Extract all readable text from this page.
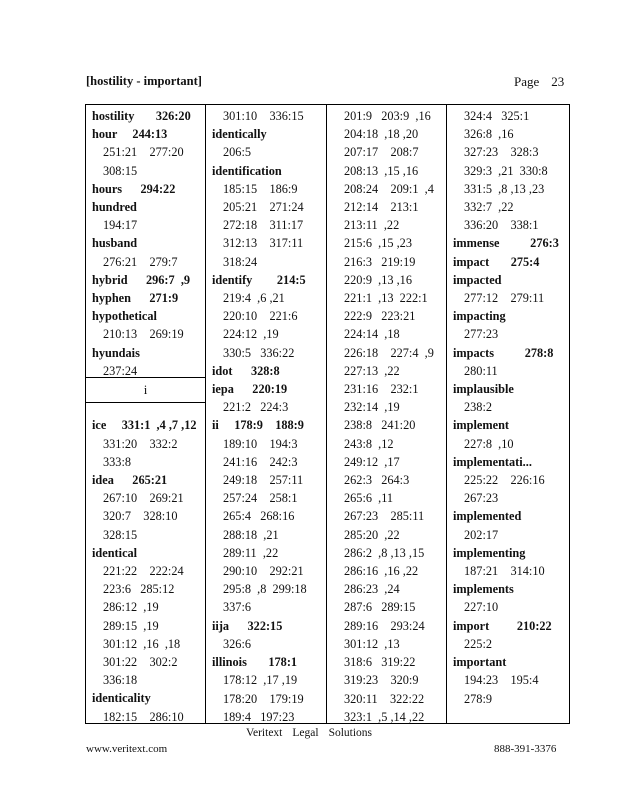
[hostility - important]	Page 23
i
hostility       326:20
hour     244:13
251:21    277:20
308:15
hours      294:22
hundred
194:17
husband
276:21    279:7
hybrid      296:7  ,9
hyphen      271:9
hypothetical
210:13    269:19
hyundais
237:24
ice     331:1  ,4 ,7 ,12
331:20    332:2
333:8
idea      265:21
267:10    269:21
320:7    328:10
328:15
identical
221:22    222:24
223:6   285:12
286:12  ,19
289:15  ,19
301:12  ,16  ,18
301:22    302:2
336:18
identicality
182:15    286:10
301:10    336:15
identically
206:5
identification
185:15    186:9
205:21    271:24
272:18    311:17
312:13    317:11
318:24
identify        214:5
219:4  ,6 ,21
220:10    221:6
224:12  ,19
330:5   336:22
idot      328:8
iepa      220:19
221:2   224:3
ii     178:9    188:9
189:10    194:3
241:16    242:3
249:18    257:11
257:24    258:1
265:4   268:16
288:18  ,21
289:11  ,22
290:10    292:21
295:8  ,8  299:18
337:6
iija      322:15
326:6
illinois       178:1
178:12  ,17 ,19
178:20    179:19
189:4   197:23
201:9   203:9  ,16
204:18  ,18 ,20
207:17    208:7
208:13  ,15 ,16
208:24    209:1  ,4
212:14    213:1
213:11  ,22
215:6  ,15 ,23
216:3   219:19
220:9  ,13 ,16
221:1  ,13  222:1
222:9   223:21
224:14  ,18
226:18    227:4  ,9
227:13  ,22
231:16    232:1
232:14  ,19
238:8   241:20
243:8  ,12
249:12  ,17
262:3   264:3
265:6  ,11
267:23    285:11
285:20  ,22
286:2  ,8 ,13 ,15
286:16  ,16 ,22
286:23  ,24
287:6   289:15
289:16    293:24
301:12  ,13
318:6   319:22
319:23    320:9
320:11    322:22
323:1  ,5 ,14 ,22
324:4   325:1
326:8  ,16
327:23    328:3
329:3  ,21  330:8
331:5  ,8 ,13 ,23
332:7  ,22
336:20    338:1
immense          276:3
impact       275:4
impacted
277:12    279:11
impacting
277:23
impacts          278:8
280:11
implausible
238:2
implement
227:8  ,10
implementati...
225:22    226:16
267:23
implemented
202:17
implementing
187:21    314:10
implements
227:10
import         210:22
225:2
important
194:23    195:4
278:9
Veritext Legal Solutions
www.veritext.com	888-391-3376
